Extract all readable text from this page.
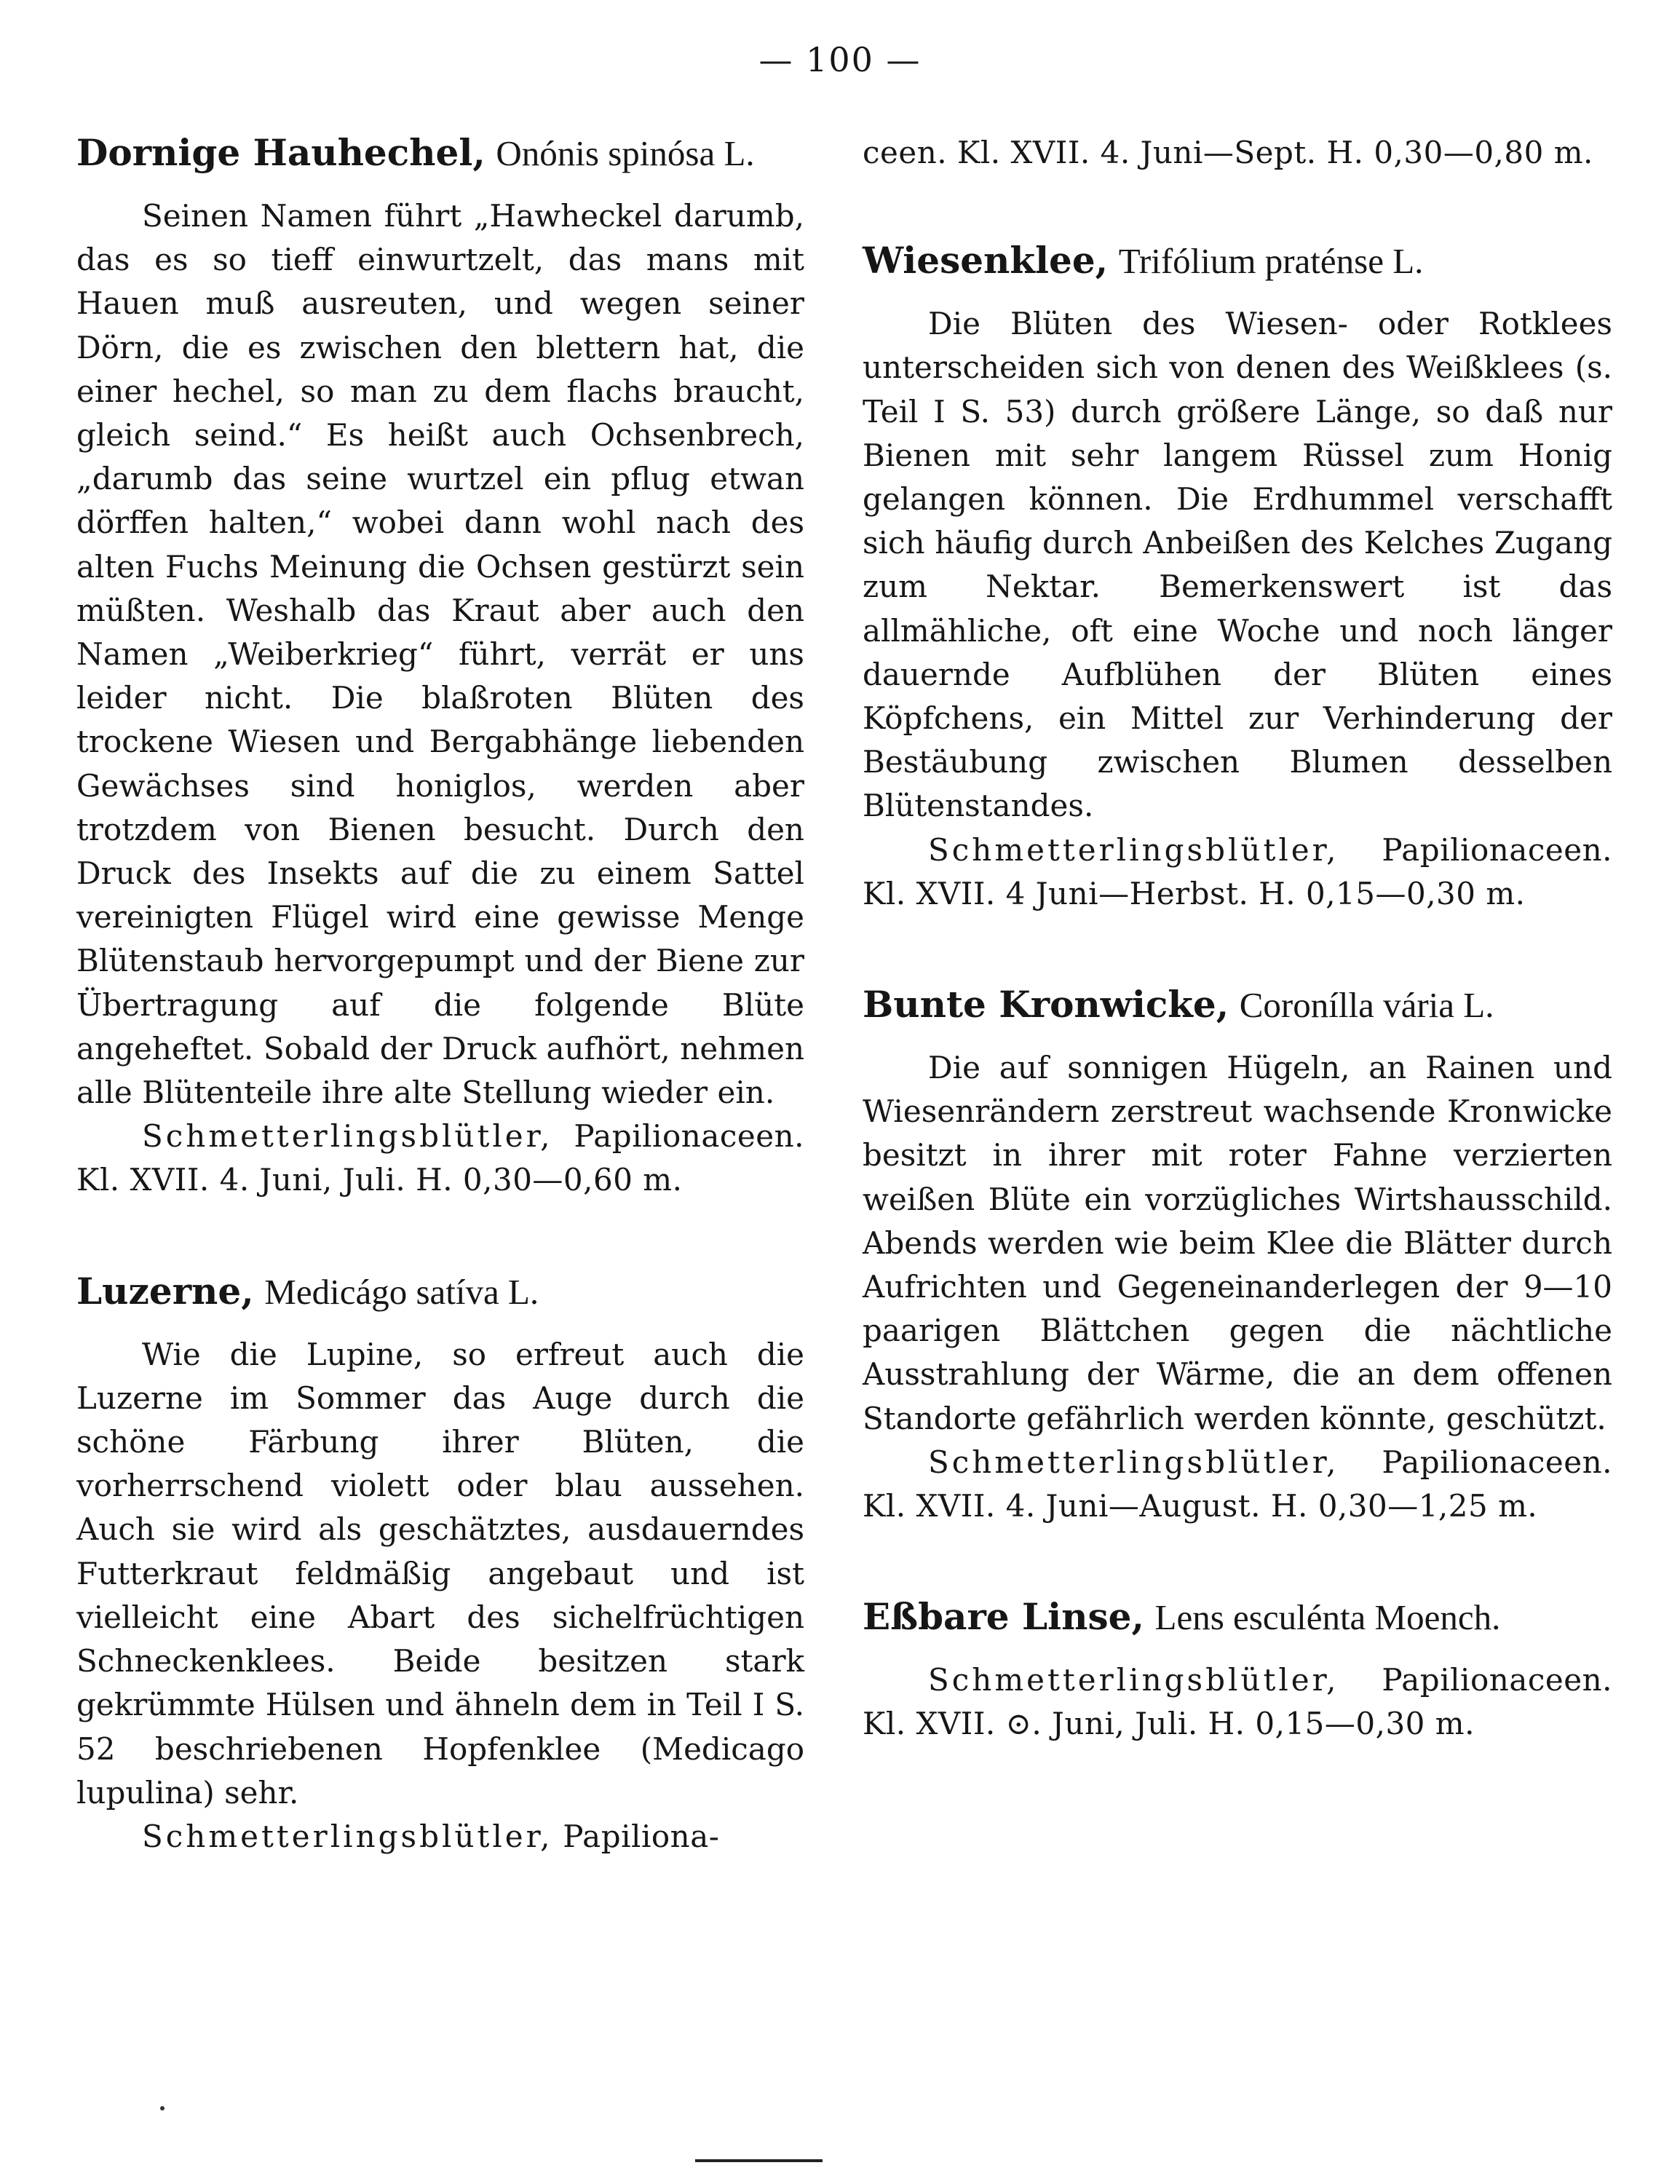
— 100 —
Dornige Hauhechel, Onónis spinósa L.

Seinen Namen führt „Hawheckel darumb, das es so tieff einwurtzelt, das mans mit Hauen muß ausreuten, und wegen seiner Dörn, die es zwischen den blettern hat, die einer hechel, so man zu dem flachs braucht, gleich seind.“ Es heißt auch Ochsenbrech, „darumb das seine wurtzel ein pflug etwan dörffen halten,“ wobei dann wohl nach des alten Fuchs Meinung die Ochsen gestürzt sein müßten. Weshalb das Kraut aber auch den Namen „Weiberkrieg“ führt, verrät er uns leider nicht. Die blaßroten Blüten des trockene Wiesen und Bergabhänge liebenden Gewächses sind honiglos, werden aber trotzdem von Bienen besucht. Durch den Druck des Insekts auf die zu einem Sattel vereinigten Flügel wird eine gewisse Menge Blütenstaub hervorgepumpt und der Biene zur Übertragung auf die folgende Blüte angeheftet. Sobald der Druck aufhört, nehmen alle Blütenteile ihre alte Stellung wieder ein.

Schmetterlingsblütler, Papilionaceen. Kl. XVII. 4. Juni, Juli. H. 0,30—0,60 m.

Luzerne, Medicágo satíva L.

Wie die Lupine, so erfreut auch die Luzerne im Sommer das Auge durch die schöne Färbung ihrer Blüten, die vorherrschend violett oder blau aussehen. Auch sie wird als geschätztes, ausdauerndes Futterkraut feldmäßig angebaut und ist vielleicht eine Abart des sichelfrüchtigen Schneckenklees. Beide besitzen stark gekrümmte Hülsen und ähneln dem in Teil I S. 52 beschriebenen Hopfenklee (Medicago lupulina) sehr.

Schmetterlingsblütler, Papiliona-

ceen. Kl. XVII. 4. Juni—Sept. H. 0,30—0,80 m.

Wiesenklee, Trifólium praténse L.

Die Blüten des Wiesen- oder Rotklees unterscheiden sich von denen des Weißklees (s. Teil I S. 53) durch größere Länge, so daß nur Bienen mit sehr langem Rüssel zum Honig gelangen können. Die Erdhummel verschafft sich häufig durch Anbeißen des Kelches Zugang zum Nektar. Bemerkenswert ist das allmähliche, oft eine Woche und noch länger dauernde Aufblühen der Blüten eines Köpfchens, ein Mittel zur Verhinderung der Bestäubung zwischen Blumen desselben Blütenstandes.

Schmetterlingsblütler, Papilionaceen. Kl. XVII. 4 Juni—Herbst. H. 0,15—0,30 m.

Bunte Kronwicke, Coronílla vária L.

Die auf sonnigen Hügeln, an Rainen und Wiesenrändern zerstreut wachsende Kronwicke besitzt in ihrer mit roter Fahne verzierten weißen Blüte ein vorzügliches Wirtshausschild. Abends werden wie beim Klee die Blätter durch Aufrichten und Gegeneinanderlegen der 9—10 paarigen Blättchen gegen die nächtliche Ausstrahlung der Wärme, die an dem offenen Standorte gefährlich werden könnte, geschützt.

Schmetterlingsblütler, Papilionaceen. Kl. XVII. 4. Juni—August. H. 0,30—1,25 m.

Eßbare Linse, Lens esculénta Moench.

Schmetterlingsblütler, Papilionaceen. Kl. XVII. ⊙. Juni, Juli. H. 0,15—0,30 m.
